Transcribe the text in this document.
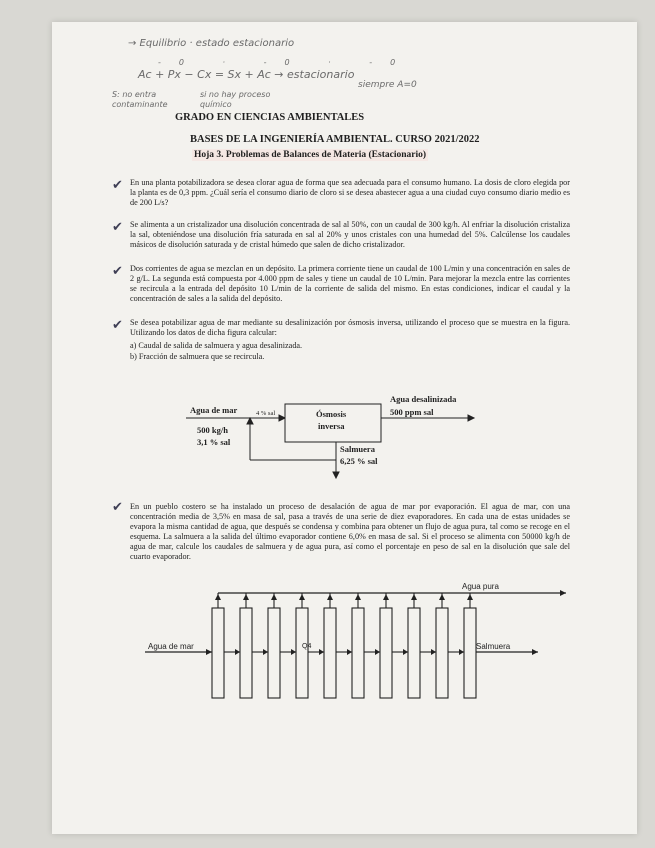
→ Equilibrio · estado estacionario
-0 · -0 · -0
Ac + Px − Cx = Sx + Ac → estacionario
siempre A=0
S: no entra contaminante
si no hay proceso químico
GRADO EN CIENCIAS AMBIENTALES
BASES DE LA INGENIERÍA AMBIENTAL. CURSO 2021/2022
Hoja 3. Problemas de Balances de Materia (Estacionario)
✔ En una planta potabilizadora se desea clorar agua de forma que sea adecuada para el consumo humano. La dosis de cloro elegida por la planta es de 0,3 ppm. ¿Cuál sería el consumo diario de cloro si se desea abastecer agua a una ciudad cuyo consumo diario medio es de 200 L/s?
✔ Se alimenta a un cristalizador una disolución concentrada de sal al 50%, con un caudal de 300 kg/h. Al enfriar la disolución cristaliza la sal, obteniéndose una disolución fría saturada en sal al 20% y unos cristales con una humedad del 5%. Calcúlense los caudales másicos de disolución saturada y de cristal húmedo que salen de dicho cristalizador.
✔ Dos corrientes de agua se mezclan en un depósito. La primera corriente tiene un caudal de 100 L/min y una concentración en sales de 2 g/L. La segunda está compuesta por 4.000 ppm de sales y tiene un caudal de 10 L/min. Para mejorar la mezcla entre las corrientes se recircula a la entrada del depósito 10 L/min de la corriente de salida del mismo. En estas condiciones, indicar el caudal y la concentración de sales a la salida del depósito.
✔ Se desea potabilizar agua de mar mediante su desalinización por ósmosis inversa, utilizando el proceso que se muestra en la figura. Utilizando los datos de dicha figura calcular:
a) Caudal de salida de salmuera y agua desalinizada.
b) Fracción de salmuera que se recircula.
Agua de mar
500 kg/h
3,1 % sal
4 % sal	Ósmosis
inversa
Agua desalinizada
500 ppm sal
Salmuera
6,25 % sal
✔ En un pueblo costero se ha instalado un proceso de desalación de agua de mar por evaporación. El agua de mar, con una concentración media de 3,5% en masa de sal, pasa a través de una serie de diez evaporadores. En cada una de estas unidades se evapora la misma cantidad de agua, que después se condensa y combina para obtener un flujo de agua pura, tal como se recoge en el esquema. La salmuera a la salida del último evaporador contiene 6,0% en masa de sal. Si el proceso se alimenta con 50000 kg/h de agua de mar, calcule los caudales de salmuera y de agua pura, así como el porcentaje en peso de sal en la disolución que sale del cuarto evaporador.
Agua de mar
Agua pura
Salmuera
Q4
